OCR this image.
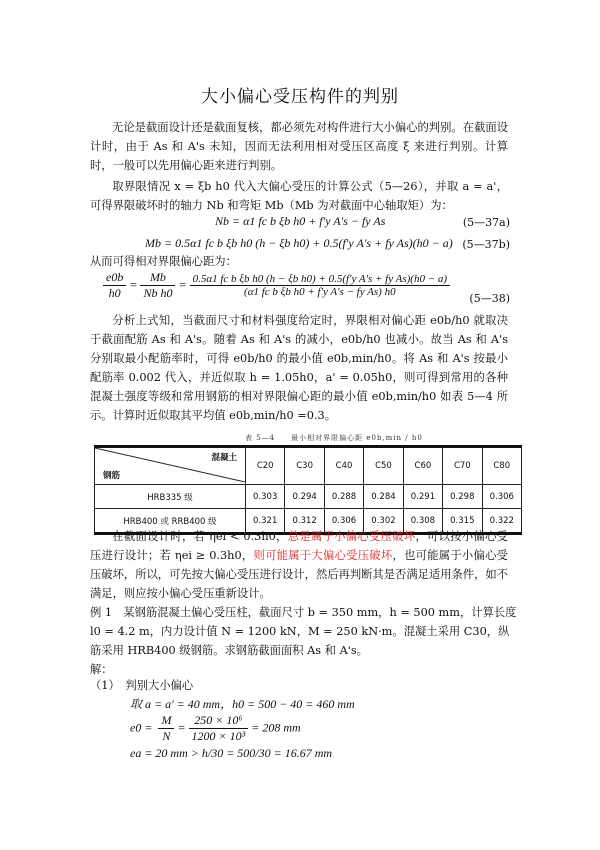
大小偏心受压构件的判别
无论是截面设计还是截面复核，都必须先对构件进行大小偏心的判别。在截面设计时，由于 As 和 A's 未知，因而无法利用相对受压区高度 ξ 来进行判别。计算时，一般可以先用偏心距来进行判别。
取界限情况 x = ξb h0 代入大偏心受压的计算公式（5—26），并取 a = a'，可得界限破坏时的轴力 Nb 和弯矩 Mb（Mb 为对截面中心轴取矩）为：
Nb = α1 fc b ξb h0 + f'y A's − fy As	(5—37a)
Mb = 0.5α1 fc b ξb h0 (h − ξb h0) + 0.5(f'y A's + fy As)(h0 − a) (5—37b)
从而可得相对界限偏心距为：
$\frac{e0b}{h0} = \frac{Mb}{\text{Nb h0}} = \frac{\text{0.5α1 fc b ξb h0 (h − ξb h0) + 0.5(f'y A's + fy As)(h0 − a)}}{\text{(α1 fc b ξb h0 + f'y A's − fy As) h0}}$
(5—38)
分析上式知，当截面尺寸和材料强度给定时，界限相对偏心距 e0b/h0 就取决于截面配筋 As 和 A's。随着 As 和 A's 的减小，e0b/h0 也减小。故当 As 和 A's 分别取最小配筋率时，可得 e0b/h0 的最小值 e0b,min/h0。将 As 和 A's 按最小配筋率 0.002 代入，并近似取 h = 1.05h0，a' = 0.05h0，则可得到常用的各种混凝土强度等级和常用钢筋的相对界限偏心距的最小值 e0b,min/h0 如表 5—4 所示。计算时近似取其平均值 e0b,min/h0 =0.3。
表 5—4　　最小相对界限偏心距 e0b,min / h0
混凝土
钢筋	C20	C30	C40	C50	C60	C70	C80
HRB335 级	0.303	0.294	0.288	0.284	0.291	0.298	0.306
HRB400 或 RRB400 级	0.321	0.312	0.306	0.302	0.308	0.315	0.322
在截面设计时，若 ηei < 0.3h0，总是属于小偏心受压破坏，可以按小偏心受压进行设计；若 ηei ≥ 0.3h0，则可能属于大偏心受压破坏，也可能属于小偏心受压破坏，所以，可先按大偏心受压进行设计，然后再判断其是否满足适用条件，如不满足，则应按小偏心受压重新设计。
例 1　某钢筋混凝土偏心受压柱，截面尺寸 b = 350 mm，h = 500 mm，计算长度 l0 = 4.2 m，内力设计值 N = 1200 kN，M = 250 kN·m。混凝土采用 C30，纵筋采用 HRB400 级钢筋。求钢筋截面面积 As 和 A's。
解：
（1）　判别大小偏心
取 a = a' = 40 mm，h0 = 500 − 40 = 460 mm
$e0 = \frac{M}{N} = \frac{\text{250 × 10⁶}}{\text{1200 × 10³}} = 208$ mm
ea = 20 mm > h/30 = 500/30 = 16.67 mm
